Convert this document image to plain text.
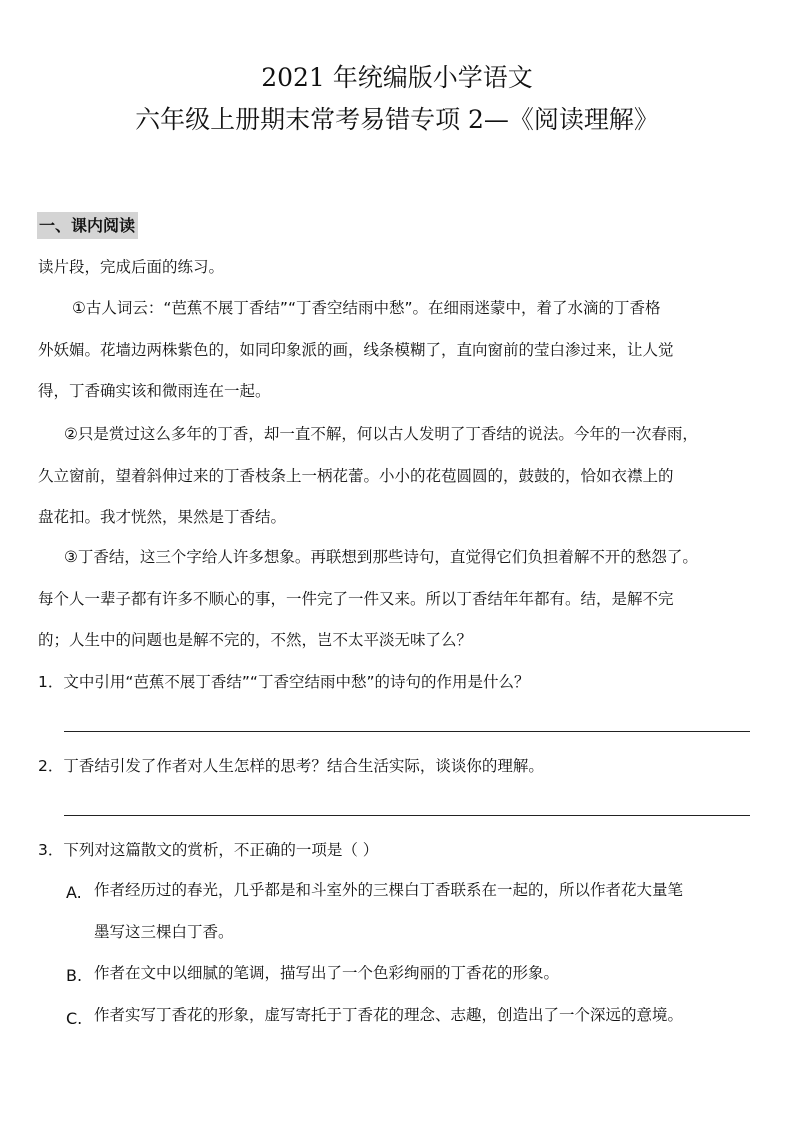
2021 年统编版小学语文
六年级上册期末常考易错专项 2—《阅读理解》
一、课内阅读
读片段，完成后面的练习。
①古人词云：“芭蕉不展丁香结”“丁香空结雨中愁”。在细雨迷蒙中，着了水滴的丁香格
外妖媚。花墙边两株紫色的，如同印象派的画，线条模糊了，直向窗前的莹白渗过来，让人觉
得，丁香确实该和微雨连在一起。
②只是赏过这么多年的丁香，却一直不解，何以古人发明了丁香结的说法。今年的一次春雨，
久立窗前，望着斜伸过来的丁香枝条上一柄花蕾。小小的花苞圆圆的，鼓鼓的，恰如衣襟上的
盘花扣。我才恍然，果然是丁香结。
③丁香结，这三个字给人许多想象。再联想到那些诗句，直觉得它们负担着解不开的愁怨了。
每个人一辈子都有许多不顺心的事，一件完了一件又来。所以丁香结年年都有。结，是解不完
的；人生中的问题也是解不完的，不然，岂不太平淡无味了么？
1．文中引用“芭蕉不展丁香结”“丁香空结雨中愁”的诗句的作用是什么？
2．丁香结引发了作者对人生怎样的思考？结合生活实际，谈谈你的理解。
3．下列对这篇散文的赏析，不正确的一项是（ ）
A. 作者经历过的春光，几乎都是和斗室外的三棵白丁香联系在一起的，所以作者花大量笔
墨写这三棵白丁香。
B. 作者在文中以细腻的笔调，描写出了一个色彩绚丽的丁香花的形象。
C. 作者实写丁香花的形象，虚写寄托于丁香花的理念、志趣，创造出了一个深远的意境。
